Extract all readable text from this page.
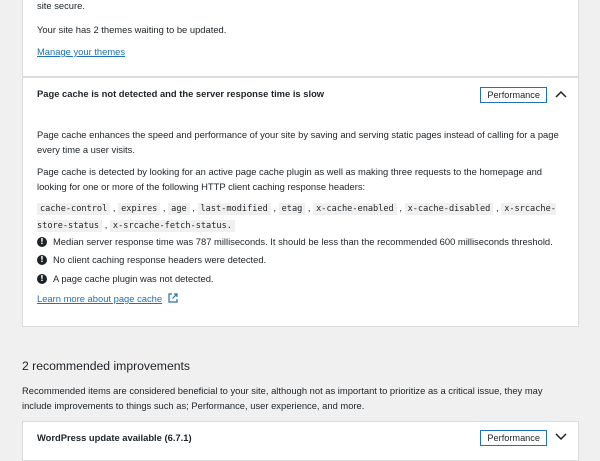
site secure.

Your site has 2 themes waiting to be updated.

Manage your themes
Page cache is not detected and the server response time is slow	Performance

Page cache enhances the speed and performance of your site by saving and serving static pages instead of calling for a page every time a user visits.

Page cache is detected by looking for an active page cache plugin as well as making three requests to the homepage and looking for one or more of the following HTTP client caching response headers:

cache-control , expires , age , last-modified , etag , x-cache-enabled , x-cache-disabled , x-srcache-store-status , x-srcache-fetch-status.
! Median server response time was 787 milliseconds. It should be less than the recommended 600 milliseconds threshold.
! No client caching response headers were detected.
! A page cache plugin was not detected.
Learn more about page cache
2 recommended improvements

Recommended items are considered beneficial to your site, although not as important to prioritize as a critical issue, they may include improvements to things such as; Performance, user experience, and more.

WordPress update available (6.7.1)	Performance
